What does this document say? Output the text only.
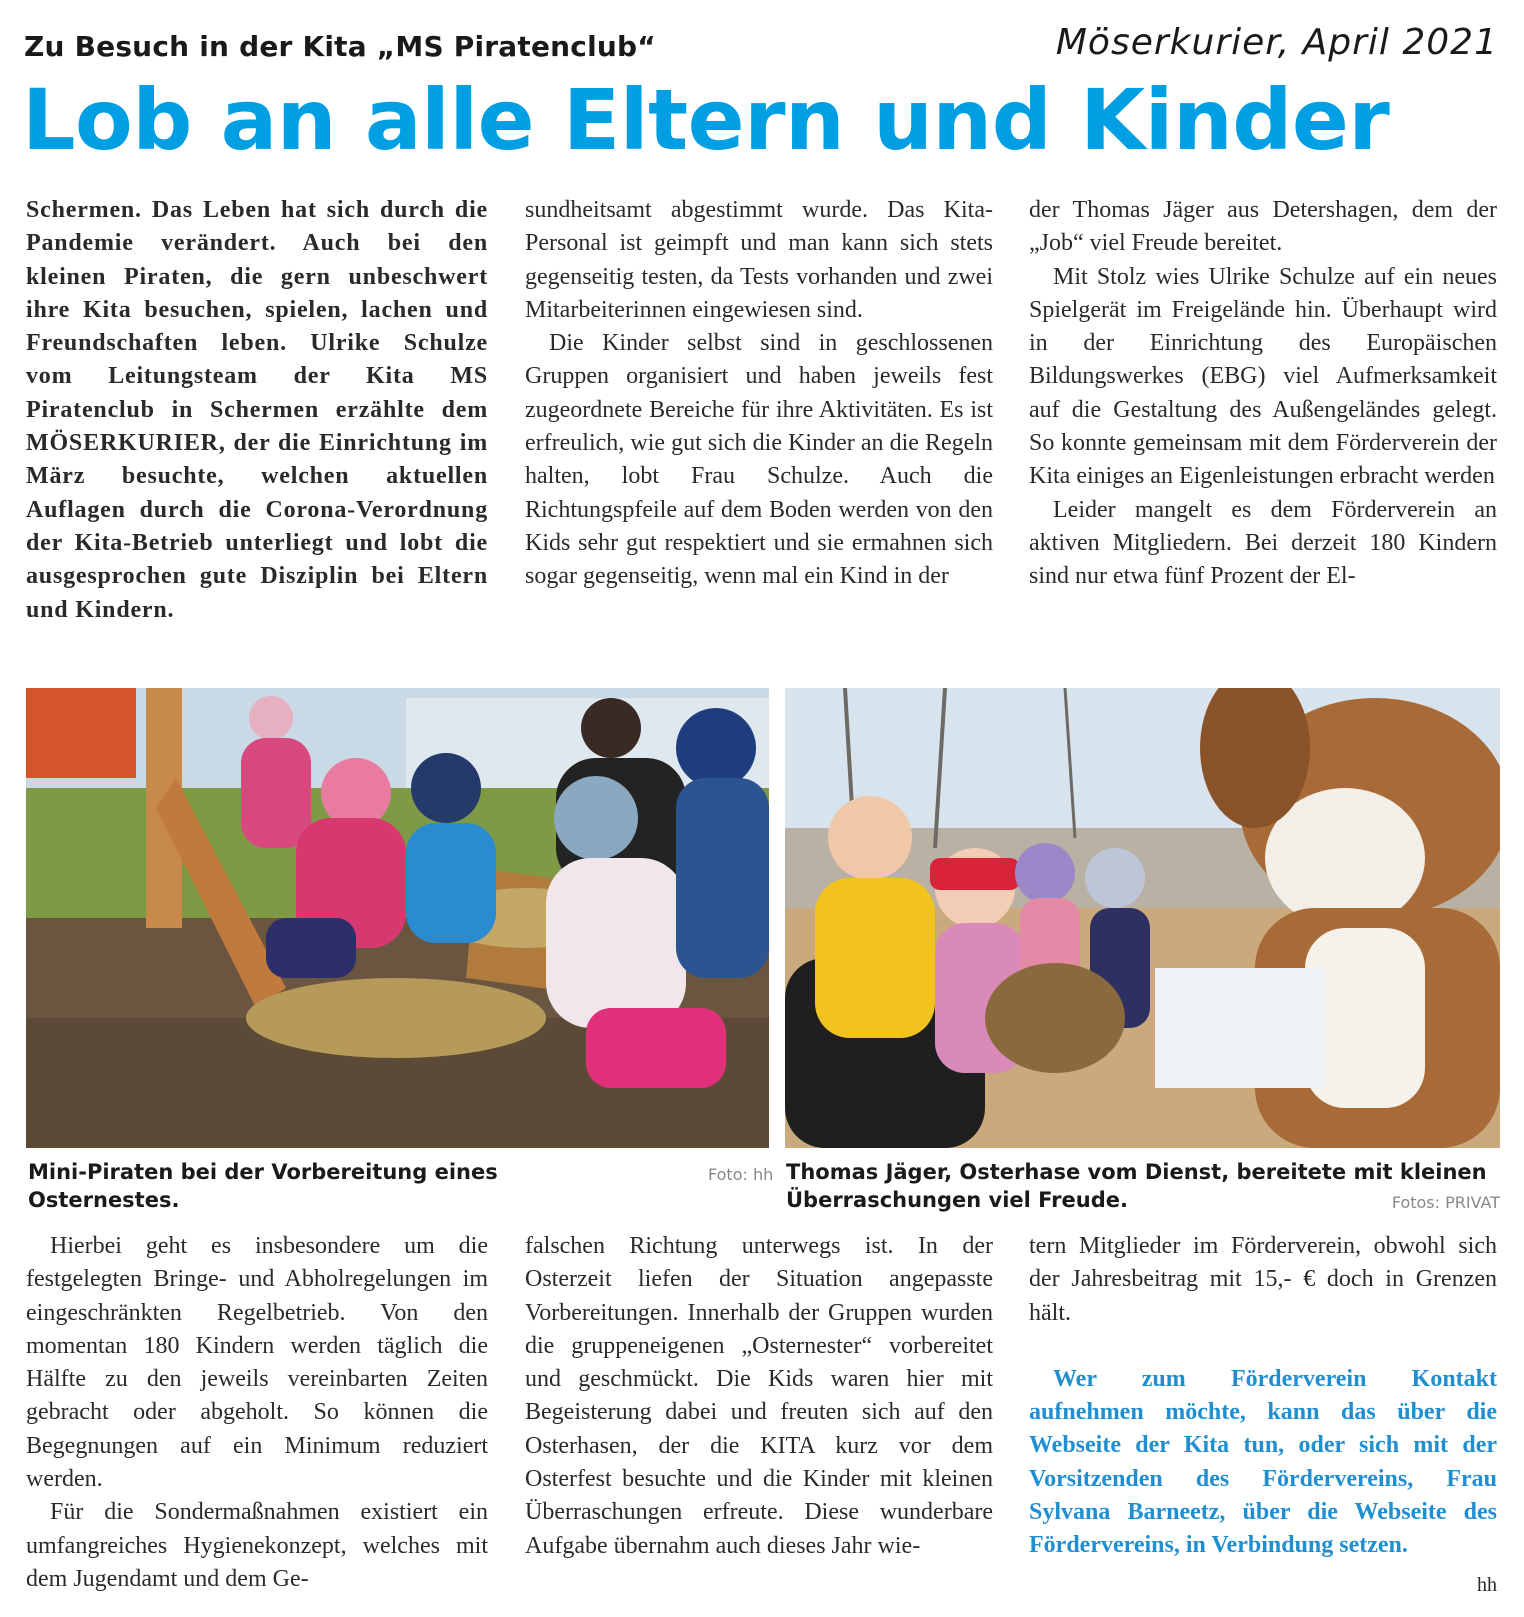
Zu Besuch in der Kita „MS Piratenclub“	Möserkurier, April 2021
Lob an alle Eltern und Kinder

Schermen. Das Leben hat sich durch die Pandemie verändert. Auch bei den kleinen Piraten, die gern unbeschwert ihre Kita besuchen, spielen, lachen und Freundschaften leben. Ulrike Schulze vom Leitungsteam der Kita MS Piratenclub in Schermen erzählte dem MÖSERKURIER, der die Einrichtung im März besuchte, welchen aktuellen Auflagen durch die Corona-Verordnung der Kita-Betrieb unterliegt und lobt die ausgesprochen gute Disziplin bei Eltern und Kindern.

sundheitsamt abgestimmt wurde. Das Kita-Personal ist geimpft und man kann sich stets gegenseitig testen, da Tests vorhanden und zwei Mitarbeiterinnen eingewiesen sind.

Die Kinder selbst sind in geschlossenen Gruppen organisiert und haben jeweils fest zugeordnete Bereiche für ihre Aktivitäten. Es ist erfreulich, wie gut sich die Kinder an die Regeln halten, lobt Frau Schulze. Auch die Richtungspfeile auf dem Boden werden von den Kids sehr gut respektiert und sie ermahnen sich sogar gegenseitig, wenn mal ein Kind in der

der Thomas Jäger aus Detershagen, dem der „Job“ viel Freude bereitet.

Mit Stolz wies Ulrike Schulze auf ein neues Spielgerät im Freigelände hin. Überhaupt wird in der Einrichtung des Europäischen Bildungswerkes (EBG) viel Aufmerksamkeit auf die Gestaltung des Außengeländes gelegt. So konnte gemeinsam mit dem Förderverein der Kita einiges an Eigenleistungen erbracht werden

Leider mangelt es dem Förderverein an aktiven Mitgliedern. Bei derzeit 180 Kindern sind nur etwa fünf Prozent der El-

Mini-Piraten bei der Vorbereitung eines Osternestes.
Foto: hh Thomas Jäger, Osterhase vom Dienst, bereitete mit kleinen Überraschungen viel Freude.	Fotos: PRIVAT

Hierbei geht es insbesondere um die festgelegten Bringe- und Abholregelungen im eingeschränkten Regelbetrieb. Von den momentan 180 Kindern werden täglich die Hälfte zu den jeweils vereinbarten Zeiten gebracht oder abgeholt. So können die Begegnungen auf ein Minimum reduziert werden.

Für die Sondermaßnahmen existiert ein umfangreiches Hygienekonzept, welches mit dem Jugendamt und dem Ge-

falschen Richtung unterwegs ist. In der Osterzeit liefen der Situation angepasste Vorbereitungen. Innerhalb der Gruppen wurden die gruppeneigenen „Osternester“ vorbereitet und geschmückt. Die Kids waren hier mit Begeisterung dabei und freuten sich auf den Osterhasen, der die KITA kurz vor dem Osterfest besuchte und die Kinder mit kleinen Überraschungen erfreute. Diese wunderbare Aufgabe übernahm auch dieses Jahr wie-

tern Mitglieder im Förderverein, obwohl sich der Jahresbeitrag mit 15,- € doch in Grenzen hält.

Wer zum Förderverein Kontakt aufnehmen möchte, kann das über die Webseite der Kita tun, oder sich mit der Vorsitzenden des Fördervereins, Frau Sylvana Barneetz, über die Webseite des Fördervereins, in Verbindung setzen.

hh
